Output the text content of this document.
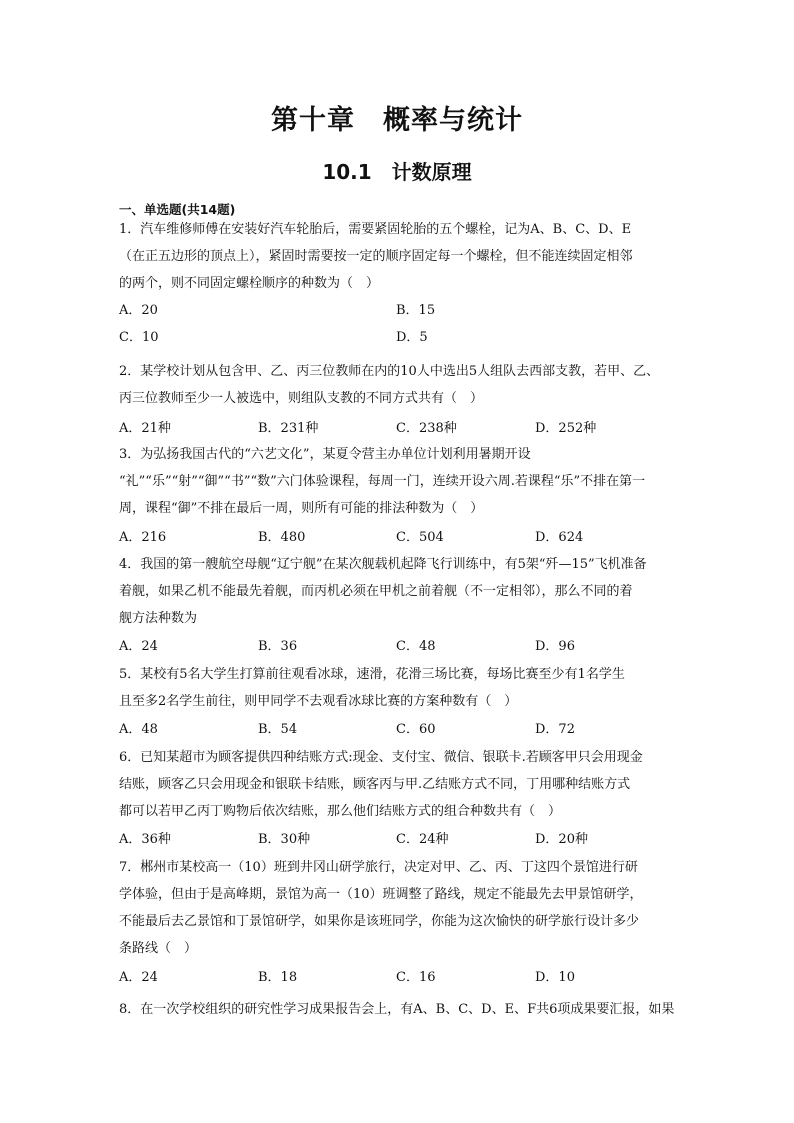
第十章　概率与统计
10.1　计数原理
一、单选题(共14题)

1．汽车维修师傅在安装好汽车轮胎后，需要紧固轮胎的五个螺栓，记为A、B、C、D、E

（在正五边形的顶点上），紧固时需要按一定的顺序固定每一个螺栓，但不能连续固定相邻

的两个，则不同固定螺栓顺序的种数为（　）

A．20	B．15
C．10	D．5

2．某学校计划从包含甲、乙、丙三位教师在内的10人中选出5人组队去西部支教，若甲、乙、

丙三位教师至少一人被选中，则组队支教的不同方式共有（　）

A．21种	B．231种	C．238种	D．252种

3．为弘扬我国古代的“六艺文化”，某夏令营主办单位计划利用暑期开设

“礼”“乐”“射”“御”“书”“数”六门体验课程，每周一门，连续开设六周.若课程“乐”不排在第一

周，课程“御”不排在最后一周，则所有可能的排法种数为（　）

A．216	B．480	C．504	D．624

4．我国的第一艘航空母舰“辽宁舰”在某次舰载机起降飞行训练中，有5架“歼—15”飞机准备

着舰，如果乙机不能最先着舰，而丙机必须在甲机之前着舰（不一定相邻），那么不同的着

舰方法种数为

A．24	B．36	C．48	D．96

5．某校有5名大学生打算前往观看冰球，速滑，花滑三场比赛，每场比赛至少有1名学生

且至多2名学生前往，则甲同学不去观看冰球比赛的方案种数有（　）

A．48	B．54	C．60	D．72

6．已知某超市为顾客提供四种结账方式:现金、支付宝、微信、银联卡.若顾客甲只会用现金

结账，顾客乙只会用现金和银联卡结账，顾客丙与甲.乙结账方式不同，丁用哪种结账方式

都可以若甲乙丙丁购物后依次结账，那么他们结账方式的组合种数共有（　）

A．36种	B．30种	C．24种	D．20种

7．郴州市某校高一（10）班到井冈山研学旅行，决定对甲、乙、丙、丁这四个景馆进行研

学体验，但由于是高峰期，景馆为高一（10）班调整了路线，规定不能最先去甲景馆研学，

不能最后去乙景馆和丁景馆研学，如果你是该班同学，你能为这次愉快的研学旅行设计多少

条路线（　）

A．24	B．18	C．16	D．10

8．在一次学校组织的研究性学习成果报告会上，有A、B、C、D、E、F共6项成果要汇报，如果
